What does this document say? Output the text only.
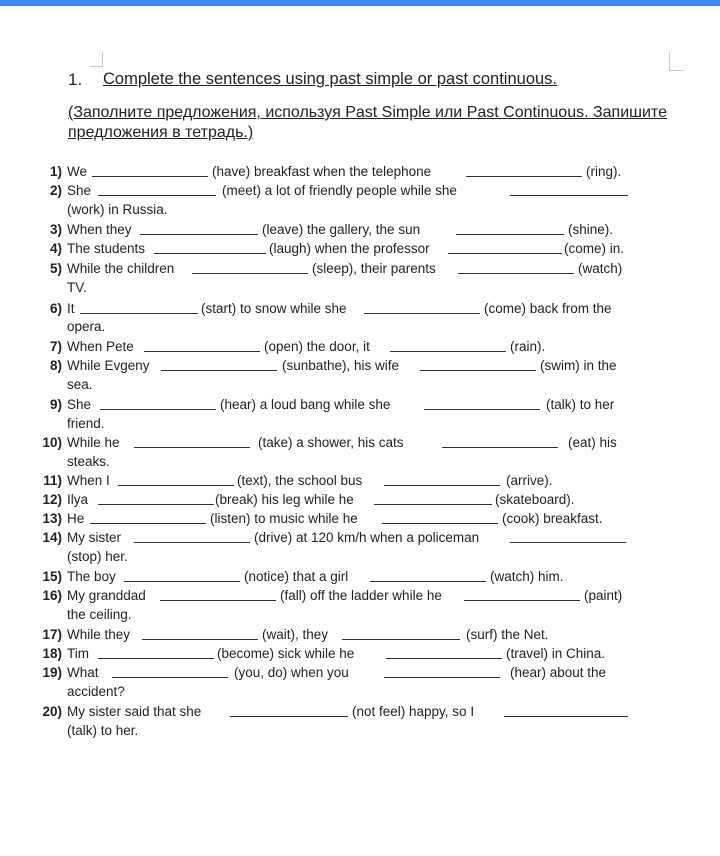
1. Complete the sentences using past simple or past continuous.
(Заполните предложения, используя Past Simple или Past Continuous. Запишите предложения в тетрадь.)
1) We	(have) breakfast when the telephone	(ring).
2) She	(meet) a lot of friendly people while she
(work) in Russia.
3) When they	(leave) the gallery, the sun	(shine).
4) The students	(laugh) when the professor	(come) in.
5) While the children	(sleep), their parents	(watch)
TV.
6) It	(start) to snow while she	(come) back from the
opera.
7) When Pete	(open) the door, it	(rain).
8) While Evgeny	(sunbathe), his wife	(swim) in the
sea.
9) She	(hear) a loud bang while she	(talk) to her
friend.
10) While he	(take) a shower, his cats	(eat) his
steaks.
11) When I	(text), the school bus	(arrive).
12) Ilya	(break) his leg while he	(skateboard).
13) He	(listen) to music while he	(cook) breakfast.
14) My sister	(drive) at 120 km/h when a policeman
(stop) her.
15) The boy	(notice) that a girl	(watch) him.
16) My granddad	(fall) off the ladder while he	(paint)
the ceiling.
17) While they	(wait), they	(surf) the Net.
18) Tim	(become) sick while he	(travel) in China.
19) What	(you, do) when you	(hear) about the
accident?
20) My sister said that she	(not feel) happy, so I
(talk) to her.
